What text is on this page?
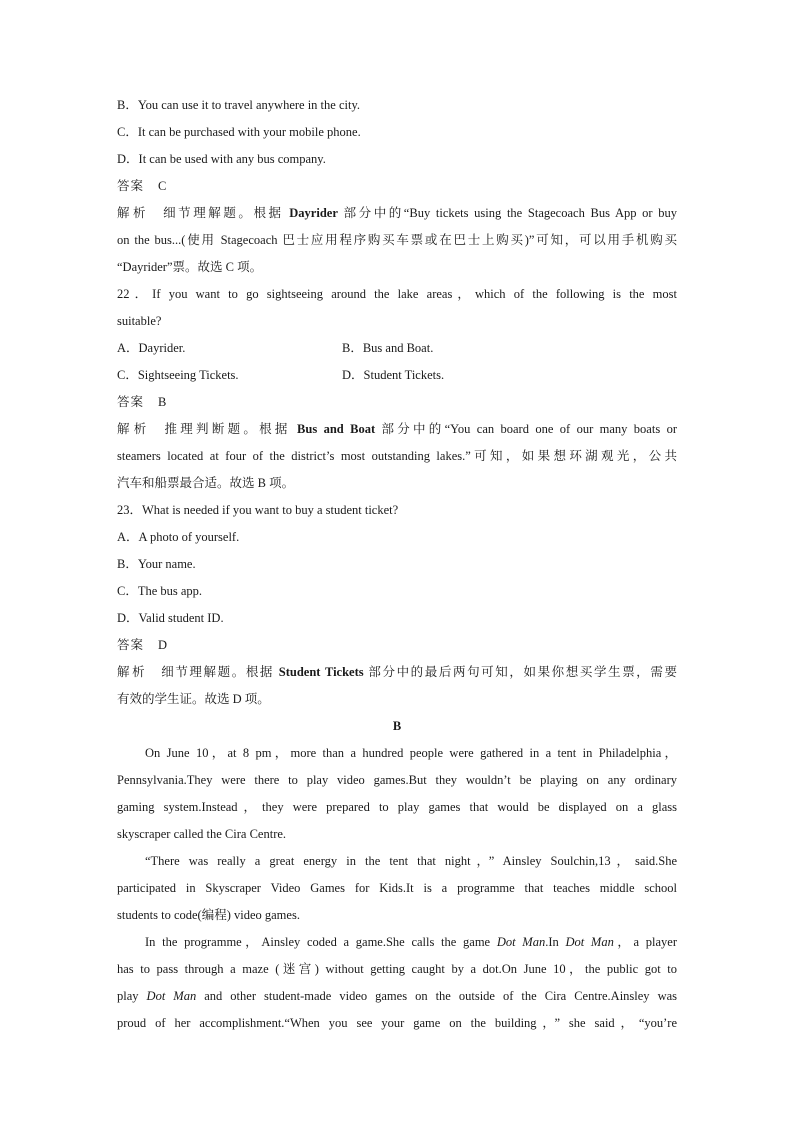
B．You can use it to travel anywhere in the city.
C．It can be purchased with your mobile phone.
D．It can be used with any bus company.
答案 C
解析 细节理解题。根据 Dayrider 部分中的“Buy tickets using the Stagecoach Bus App or buy
on the bus...(使用 Stagecoach 巴士应用程序购买车票或在巴士上购买)”可知，可以用手机购买
“Dayrider”票。故选 C 项。
22．If you want to go sightseeing around the lake areas，which of the following is the most
suitable?
A．Dayrider.	B．Bus and Boat.
C．Sightseeing Tickets.	D．Student Tickets.
答案 B
解析 推理判断题。根据 Bus and Boat 部分中的“You can board one of our many boats or
steamers located at four of the district’s most outstanding lakes.”可知，如果想环湖观光，公共
汽车和船票最合适。故选 B 项。
23．What is needed if you want to buy a student ticket?
A．A photo of yourself.
B．Your name.
C．The bus app.
D．Valid student ID.
答案 D
解析 细节理解题。根据 Student Tickets 部分中的最后两句可知，如果你想买学生票，需要
有效的学生证。故选 D 项。
B
On June 10，at 8 pm，more than a hundred people were gathered in a tent in Philadelphia，
Pennsylvania.They were there to play video games.But they wouldn’t be playing on any ordinary
gaming system.Instead，they were prepared to play games that would be displayed on a glass
skyscraper called the Cira Centre.
“There was really a great energy in the tent that night，” Ainsley Soulchin,13，said.She
participated in Skyscraper Video Games for Kids.It is a programme that teaches middle school
students to code(编程) video games.
In the programme，Ainsley coded a game.She calls the game Dot Man.In Dot Man，a player
has to pass through a maze (迷宫) without getting caught by a dot.On June 10，the public got to
play Dot Man and other student-made video games on the outside of the Cira Centre.Ainsley was
proud of her accomplishment.“When you see your game on the building，” she said，“you’re
